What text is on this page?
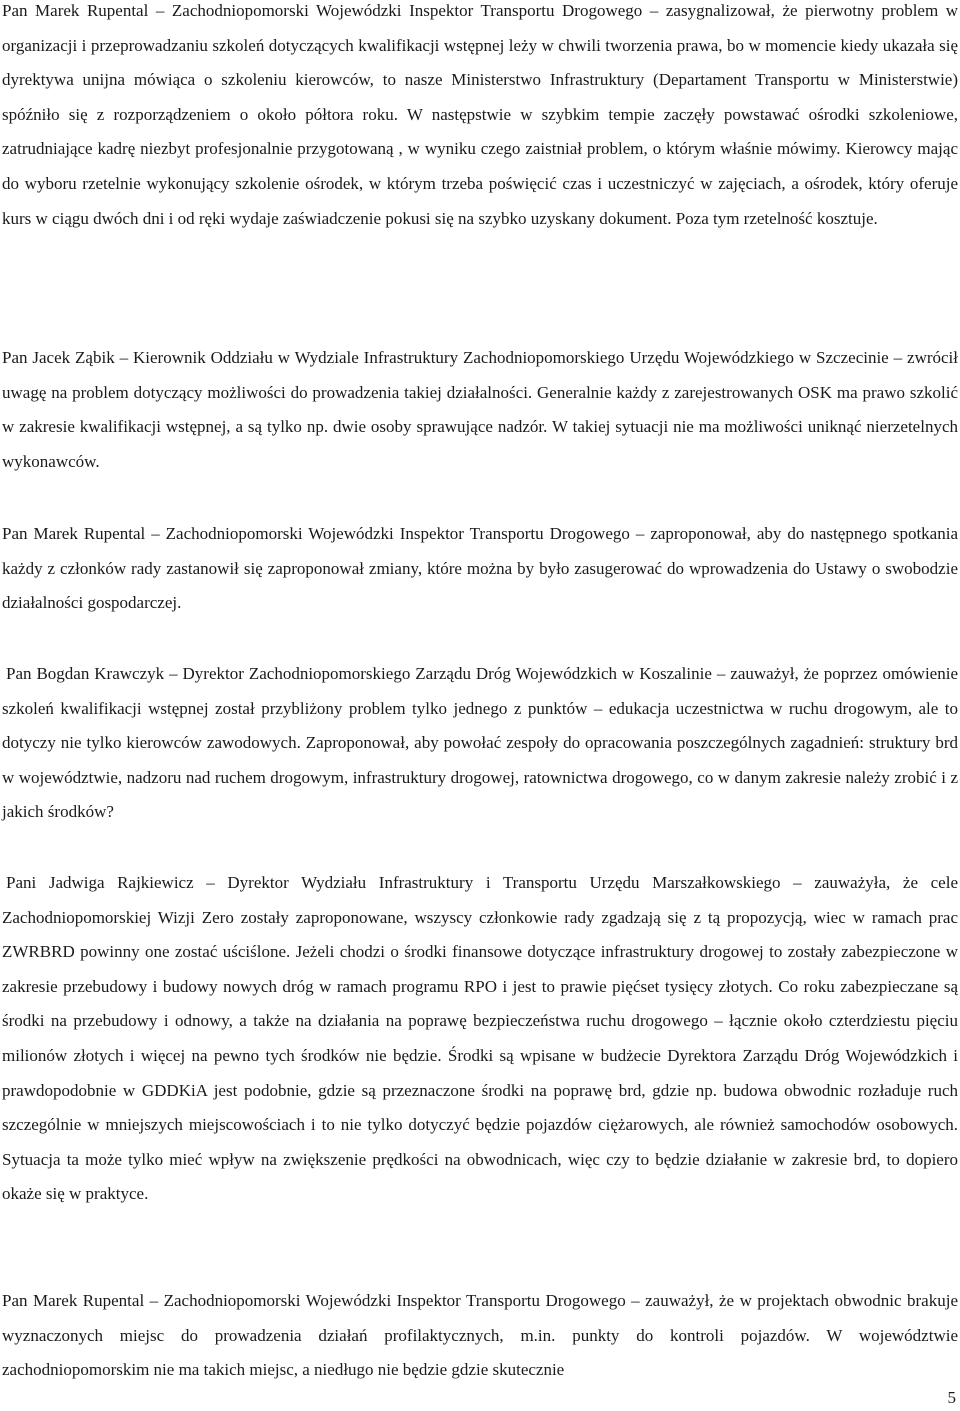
Pan Marek Rupental – Zachodniopomorski Wojewódzki Inspektor Transportu Drogowego – zasygnalizował, że pierwotny problem w organizacji i przeprowadzaniu szkoleń dotyczących kwalifikacji wstępnej leży w chwili tworzenia prawa, bo w momencie kiedy ukazała się dyrektywa unijna mówiąca o szkoleniu kierowców, to nasze Ministerstwo Infrastruktury (Departament Transportu w Ministerstwie) spóźniło się z rozporządzeniem o około półtora roku. W następstwie w szybkim tempie zaczęły powstawać ośrodki szkoleniowe, zatrudniające kadrę niezbyt profesjonalnie przygotowaną , w wyniku czego zaistniał problem, o którym właśnie mówimy. Kierowcy mając do wyboru rzetelnie wykonujący szkolenie ośrodek, w którym trzeba poświęcić czas i uczestniczyć w zajęciach, a ośrodek, który oferuje kurs w ciągu dwóch dni i od ręki wydaje zaświadczenie pokusi się na szybko uzyskany dokument. Poza tym rzetelność kosztuje.

Pan Jacek Ząbik – Kierownik Oddziału w Wydziale Infrastruktury Zachodniopomorskiego Urzędu Wojewódzkiego w Szczecinie – zwrócił uwagę na problem dotyczący możliwości do prowadzenia takiej działalności. Generalnie każdy z zarejestrowanych OSK ma prawo szkolić w zakresie kwalifikacji wstępnej, a są tylko np. dwie osoby sprawujące nadzór. W takiej sytuacji nie ma możliwości uniknąć nierzetelnych wykonawców.

Pan Marek Rupental – Zachodniopomorski Wojewódzki Inspektor Transportu Drogowego – zaproponował, aby do następnego spotkania każdy z członków rady zastanowił się zaproponował zmiany, które można by było zasugerować do wprowadzenia do Ustawy o swobodzie działalności gospodarczej.

Pan Bogdan Krawczyk – Dyrektor Zachodniopomorskiego Zarządu Dróg Wojewódzkich w Koszalinie – zauważył, że poprzez omówienie szkoleń kwalifikacji wstępnej został przybliżony problem tylko jednego z punktów – edukacja uczestnictwa w ruchu drogowym, ale to dotyczy nie tylko kierowców zawodowych. Zaproponował, aby powołać zespoły do opracowania poszczególnych zagadnień: struktury brd w województwie, nadzoru nad ruchem drogowym, infrastruktury drogowej, ratownictwa drogowego, co w danym zakresie należy zrobić i z jakich środków?

Pani Jadwiga Rajkiewicz – Dyrektor Wydziału Infrastruktury i Transportu Urzędu Marszałkowskiego – zauważyła, że cele Zachodniopomorskiej Wizji Zero zostały zaproponowane, wszyscy członkowie rady zgadzają się z tą propozycją, wiec w ramach prac ZWRBRD powinny one zostać uściślone. Jeżeli chodzi o środki finansowe dotyczące infrastruktury drogowej to zostały zabezpieczone w zakresie przebudowy i budowy nowych dróg w ramach programu RPO i jest to prawie pięćset tysięcy złotych. Co roku zabezpieczane są środki na przebudowy i odnowy, a także na działania na poprawę bezpieczeństwa ruchu drogowego – łącznie około czterdziestu pięciu milionów złotych i więcej na pewno tych środków nie będzie. Środki są wpisane w budżecie Dyrektora Zarządu Dróg Wojewódzkich i prawdopodobnie w GDDKiA jest podobnie, gdzie są przeznaczone środki na poprawę brd, gdzie np. budowa obwodnic rozładuje ruch szczególnie w mniejszych miejscowościach i to nie tylko dotyczyć będzie pojazdów ciężarowych, ale również samochodów osobowych. Sytuacja ta może tylko mieć wpływ na zwiększenie prędkości na obwodnicach, więc czy to będzie działanie w zakresie brd, to dopiero okaże się w praktyce.

Pan Marek Rupental – Zachodniopomorski Wojewódzki Inspektor Transportu Drogowego – zauważył, że w projektach obwodnic brakuje wyznaczonych miejsc do prowadzenia działań profilaktycznych, m.in. punkty do kontroli pojazdów. W województwie zachodniopomorskim nie ma takich miejsc, a niedługo nie będzie gdzie skutecznie

5
